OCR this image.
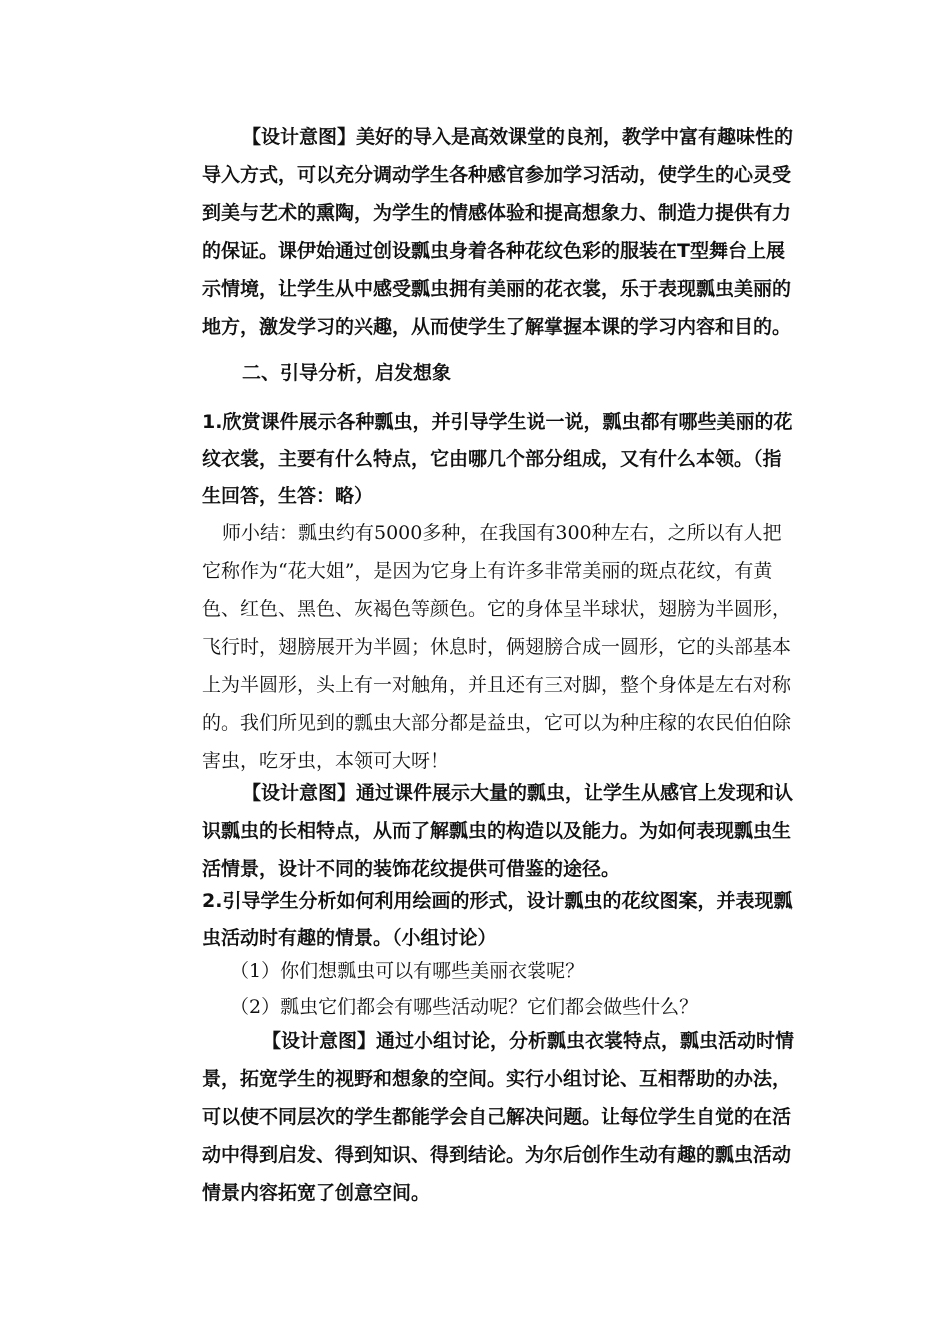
【设计意图】美好的导入是高效课堂的良剂，教学中富有趣味性的
导入方式，可以充分调动学生各种感官参加学习活动，使学生的心灵受
到美与艺术的熏陶，为学生的情感体验和提高想象力、制造力提供有力
的保证。课伊始通过创设瓢虫身着各种花纹色彩的服装在T型舞台上展
示情境，让学生从中感受瓢虫拥有美丽的花衣裳，乐于表现瓢虫美丽的
地方，激发学习的兴趣，从而使学生了解掌握本课的学习内容和目的。
二、引导分析，启发想象
1.欣赏课件展示各种瓢虫，并引导学生说一说，瓢虫都有哪些美丽的花
纹衣裳，主要有什么特点，它由哪几个部分组成，又有什么本领。（指
生回答，生答：略）
师小结：瓢虫约有5000多种，在我国有300种左右，之所以有人把
它称作为“花大姐”，是因为它身上有许多非常美丽的斑点花纹，有黄
色、红色、黑色、灰褐色等颜色。它的身体呈半球状，翅膀为半圆形，
飞行时，翅膀展开为半圆；休息时，俩翅膀合成一圆形，它的头部基本
上为半圆形，头上有一对触角，并且还有三对脚，整个身体是左右对称
的。我们所见到的瓢虫大部分都是益虫，它可以为种庄稼的农民伯伯除
害虫，吃牙虫，本领可大呀！
【设计意图】通过课件展示大量的瓢虫，让学生从感官上发现和认
识瓢虫的长相特点，从而了解瓢虫的构造以及能力。为如何表现瓢虫生
活情景，设计不同的装饰花纹提供可借鉴的途径。
2.引导学生分析如何利用绘画的形式，设计瓢虫的花纹图案，并表现瓢
虫活动时有趣的情景。（小组讨论）
（1）你们想瓢虫可以有哪些美丽衣裳呢？
（2）瓢虫它们都会有哪些活动呢？它们都会做些什么？
【设计意图】通过小组讨论，分析瓢虫衣裳特点，瓢虫活动时情
景，拓宽学生的视野和想象的空间。实行小组讨论、互相帮助的办法，
可以使不同层次的学生都能学会自己解决问题。让每位学生自觉的在活
动中得到启发、得到知识、得到结论。为尔后创作生动有趣的瓢虫活动
情景内容拓宽了创意空间。
